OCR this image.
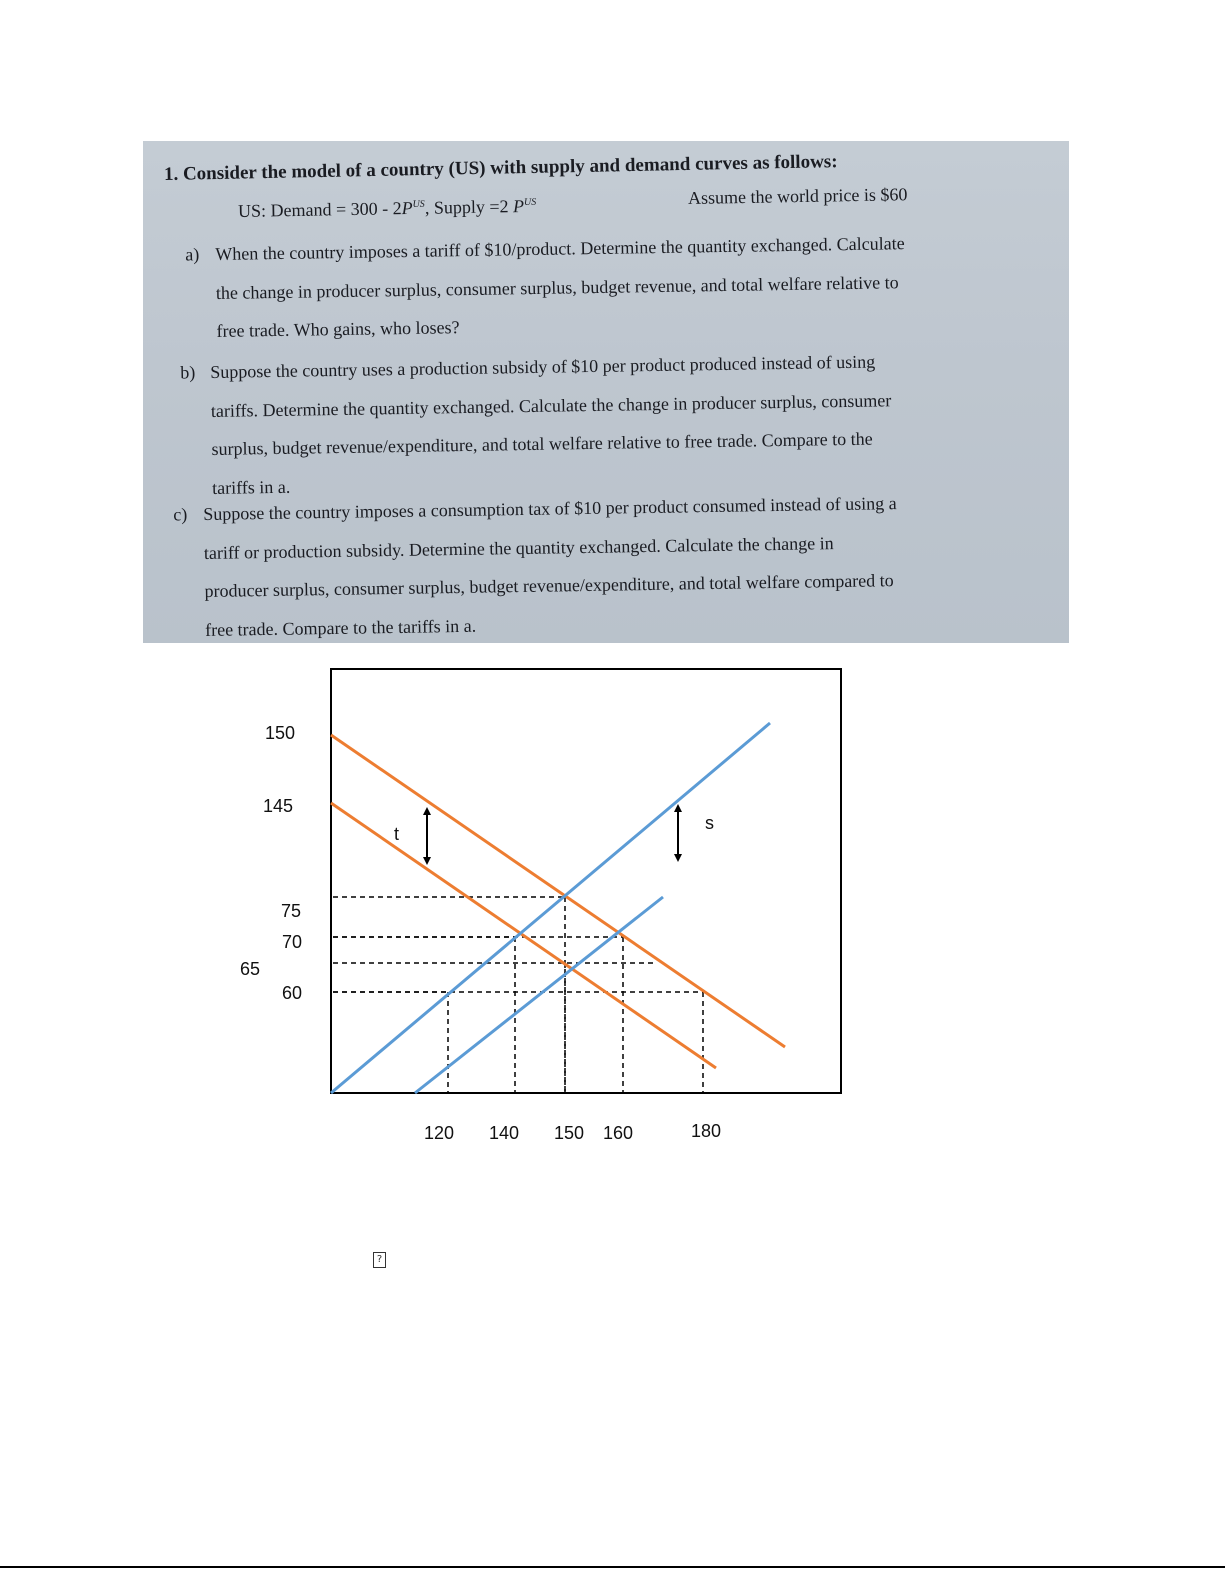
1. Consider the model of a country (US) with supply and demand curves as follows:
US: Demand = $300 - 2P^{US}$, Supply =2 $P^{US}$	Assume the world price is $60
a) When the country imposes a tariff of $10/product. Determine the quantity exchanged. Calculate
the change in producer surplus, consumer surplus, budget revenue, and total welfare relative to
free trade. Who gains, who loses?
b) Suppose the country uses a production subsidy of $10 per product produced instead of using
tariffs. Determine the quantity exchanged. Calculate the change in producer surplus, consumer
surplus, budget revenue/expenditure, and total welfare relative to free trade. Compare to the
tariffs in a.
c) Suppose the country imposes a consumption tax of $10 per product consumed instead of using a
tariff or production subsidy. Determine the quantity exchanged. Calculate the change in
producer surplus, consumer surplus, budget revenue/expenditure, and total welfare compared to
free trade. Compare to the tariffs in a.
t
s
150
145
75
70
65
60
120 140 150 160	180
?
